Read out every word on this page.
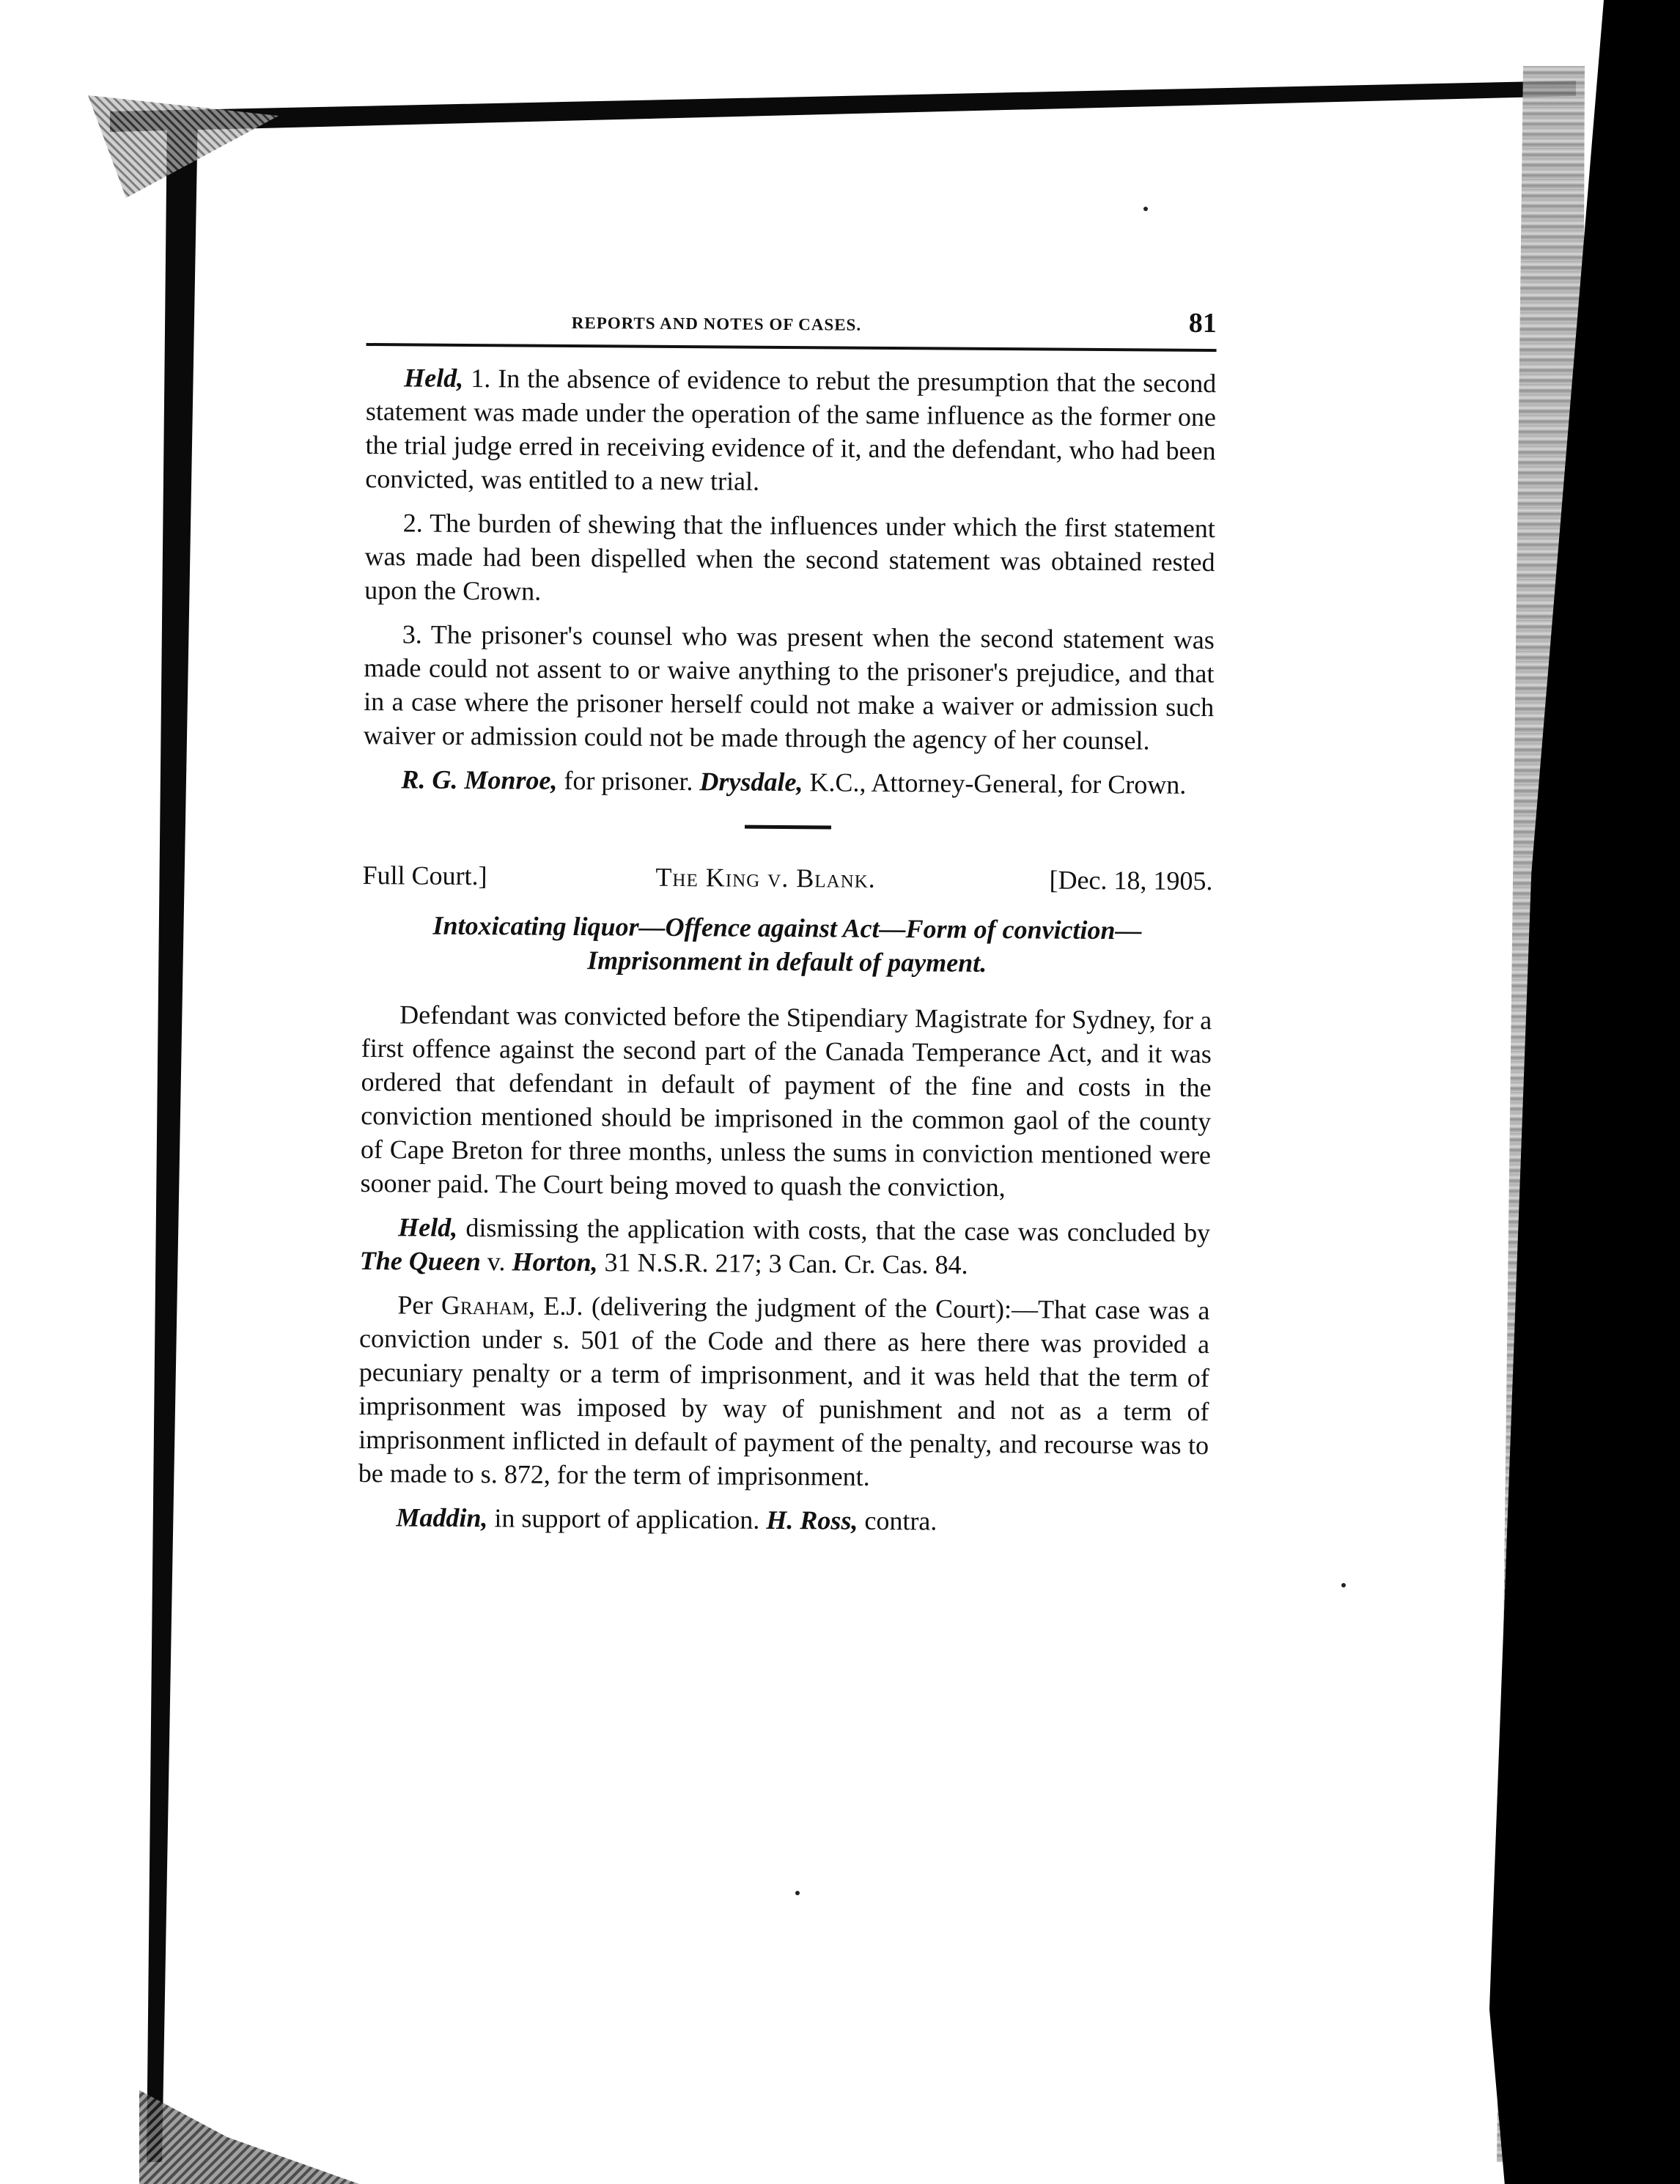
REPORTS AND NOTES OF CASES.	81

Held, 1. In the absence of evidence to rebut the presumption that the second statement was made under the operation of the same influence as the former one the trial judge erred in receiving evidence of it, and the defendant, who had been convicted, was entitled to a new trial.

2. The burden of shewing that the influences under which the first statement was made had been dispelled when the second statement was obtained rested upon the Crown.

3. The prisoner's counsel who was present when the second statement was made could not assent to or waive anything to the prisoner's prejudice, and that in a case where the prisoner herself could not make a waiver or admission such waiver or admission could not be made through the agency of her counsel.

R. G. Monroe, for prisoner. Drysdale, K.C., Attorney-General, for Crown.

Full Court.]	The King v. Blank.	[Dec. 18, 1905.
Intoxicating liquor—Offence against Act—Form of conviction—
Imprisonment in default of payment.

Defendant was convicted before the Stipendiary Magistrate for Sydney, for a first offence against the second part of the Canada Temperance Act, and it was ordered that defendant in default of payment of the fine and costs in the conviction mentioned should be imprisoned in the common gaol of the county of Cape Breton for three months, unless the sums in conviction mentioned were sooner paid. The Court being moved to quash the conviction,

Held, dismissing the application with costs, that the case was concluded by The Queen v. Horton, 31 N.S.R. 217; 3 Can. Cr. Cas. 84.

Per Graham, E.J. (delivering the judgment of the Court):—That case was a conviction under s. 501 of the Code and there as here there was provided a pecuniary penalty or a term of imprisonment, and it was held that the term of imprisonment was imposed by way of punishment and not as a term of imprisonment inflicted in default of payment of the penalty, and recourse was to be made to s. 872, for the term of imprisonment.

Maddin, in support of application. H. Ross, contra.
